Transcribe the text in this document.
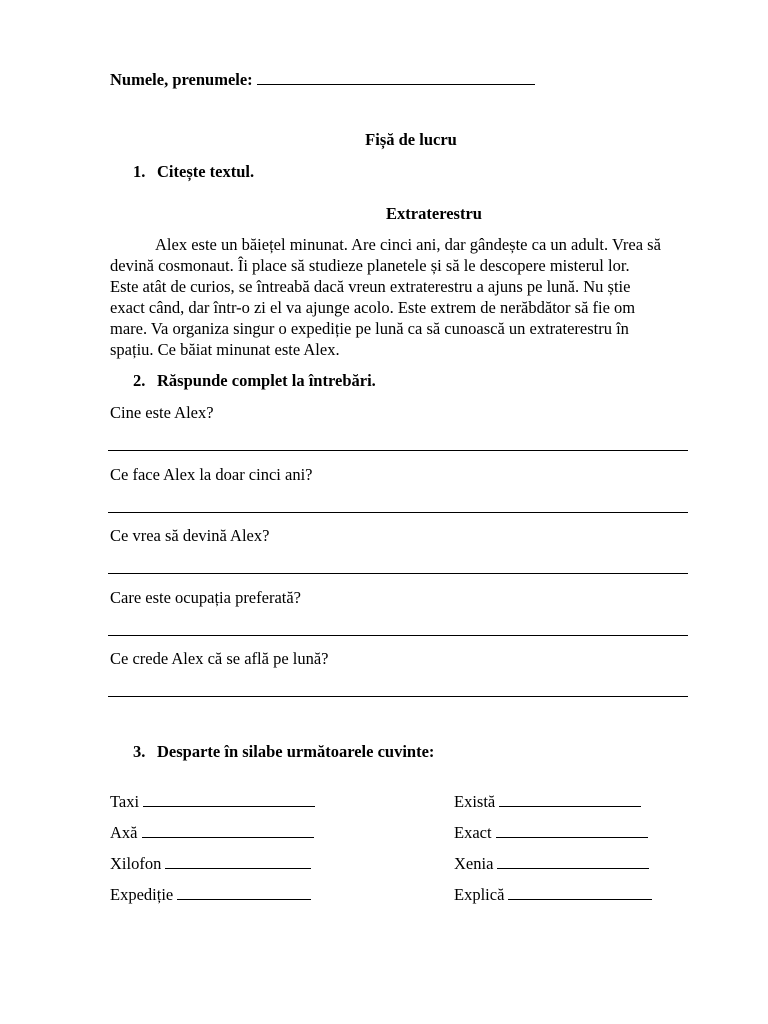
Numele, prenumele:
Fișă de lucru
1. Citește textul.
Extraterestru
Alex este un băiețel minunat. Are cinci ani, dar gândește ca un adult. Vrea să
devină cosmonaut. Îi place să studieze planetele și să le descopere misterul lor.
Este atât de curios, se întreabă dacă vreun extraterestru a ajuns pe lună. Nu știe
exact când, dar într-o zi el va ajunge acolo. Este extrem de nerăbdător să fie om
mare. Va organiza singur o expediție pe lună ca să cunoască un extraterestru în
spațiu. Ce băiat minunat este Alex.
2. Răspunde complet la întrebări.
Cine este Alex?
Ce face Alex la doar cinci ani?
Ce vrea să devină Alex?
Care este ocupația preferată?
Ce crede Alex că se află pe lună?
3. Desparte în silabe următoarele cuvinte:
Taxi
Axă
Xilofon
Expediție
Există
Exact
Xenia
Explică
